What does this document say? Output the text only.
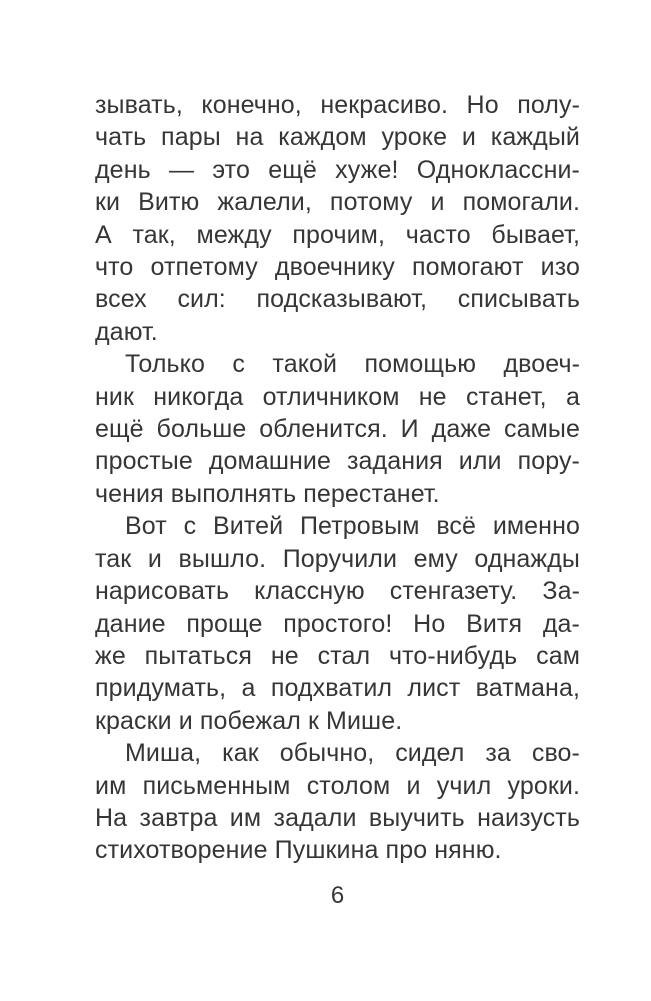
зывать, конечно, некрасиво. Но полу-
чать пары на каждом уроке и каждый
день — это ещё хуже! Одноклассни-
ки Витю жалели, потому и помогали.
А так, между прочим, часто бывает,
что отпетому двоечнику помогают изо
всех сил: подсказывают, списывать
дают.
Только с такой помощью двоеч-
ник никогда отличником не станет, а
ещё больше обленится. И даже самые
простые домашние задания или пору-
чения выполнять перестанет.
Вот с Витей Петровым всё именно
так и вышло. Поручили ему однажды
нарисовать классную стенгазету. За-
дание проще простого! Но Витя да-
же пытаться не стал что-нибудь сам
придумать, а подхватил лист ватмана,
краски и побежал к Мише.
Миша, как обычно, сидел за сво-
им письменным столом и учил уроки.
На завтра им задали выучить наизусть
стихотворение Пушкина про няню.
6
